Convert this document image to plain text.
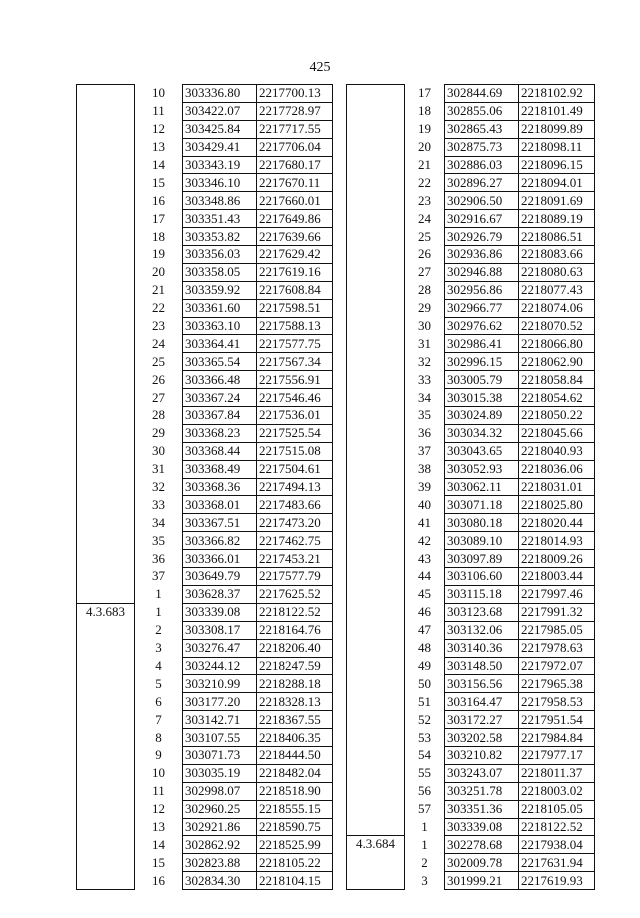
425
	10	303336.80	2217700.13
	11	303422.07	2217728.97
	12	303425.84	2217717.55
	13	303429.41	2217706.04
	14	303343.19	2217680.17
	15	303346.10	2217670.11
	16	303348.86	2217660.01
	17	303351.43	2217649.86
	18	303353.82	2217639.66
	19	303356.03	2217629.42
	20	303358.05	2217619.16
	21	303359.92	2217608.84
	22	303361.60	2217598.51
	23	303363.10	2217588.13
	24	303364.41	2217577.75
	25	303365.54	2217567.34
	26	303366.48	2217556.91
	27	303367.24	2217546.46
	28	303367.84	2217536.01
	29	303368.23	2217525.54
	30	303368.44	2217515.08
	31	303368.49	2217504.61
	32	303368.36	2217494.13
	33	303368.01	2217483.66
	34	303367.51	2217473.20
	35	303366.82	2217462.75
	36	303366.01	2217453.21
	37	303649.79	2217577.79
	1	303628.37	2217625.52
4.3.683	1	303339.08	2218122.52
	2	303308.17	2218164.76
	3	303276.47	2218206.40
	4	303244.12	2218247.59
	5	303210.99	2218288.18
	6	303177.20	2218328.13
	7	303142.71	2218367.55
	8	303107.55	2218406.35
	9	303071.73	2218444.50
	10	303035.19	2218482.04
	11	302998.07	2218518.90
	12	302960.25	2218555.15
	13	302921.86	2218590.75
	14	302862.92	2218525.99
	15	302823.88	2218105.22
	16	302834.30	2218104.15
	17	302844.69	2218102.92
	18	302855.06	2218101.49
	19	302865.43	2218099.89
	20	302875.73	2218098.11
	21	302886.03	2218096.15
	22	302896.27	2218094.01
	23	302906.50	2218091.69
	24	302916.67	2218089.19
	25	302926.79	2218086.51
	26	302936.86	2218083.66
	27	302946.88	2218080.63
	28	302956.86	2218077.43
	29	302966.77	2218074.06
	30	302976.62	2218070.52
	31	302986.41	2218066.80
	32	302996.15	2218062.90
	33	303005.79	2218058.84
	34	303015.38	2218054.62
	35	303024.89	2218050.22
	36	303034.32	2218045.66
	37	303043.65	2218040.93
	38	303052.93	2218036.06
	39	303062.11	2218031.01
	40	303071.18	2218025.80
	41	303080.18	2218020.44
	42	303089.10	2218014.93
	43	303097.89	2218009.26
	44	303106.60	2218003.44
	45	303115.18	2217997.46
	46	303123.68	2217991.32
	47	303132.06	2217985.05
	48	303140.36	2217978.63
	49	303148.50	2217972.07
	50	303156.56	2217965.38
	51	303164.47	2217958.53
	52	303172.27	2217951.54
	53	303202.58	2217984.84
	54	303210.82	2217977.17
	55	303243.07	2218011.37
	56	303251.78	2218003.02
	57	303351.36	2218105.05
	1	303339.08	2218122.52
4.3.684	1	302278.68	2217938.04
	2	302009.78	2217631.94
	3	301999.21	2217619.93
